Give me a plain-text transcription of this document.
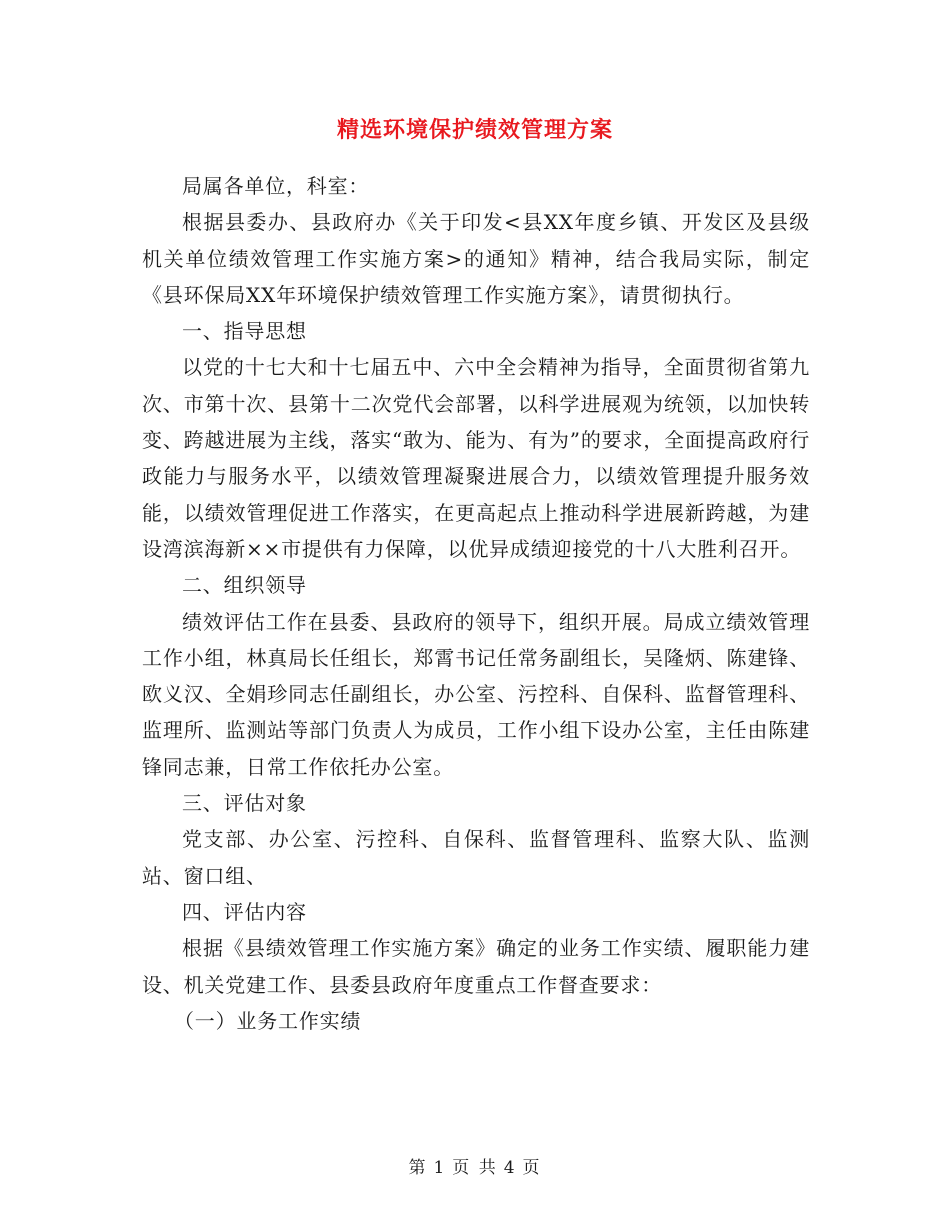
精选环境保护绩效管理方案

局属各单位，科室：

根据县委办、县政府办《关于印发<县XX年度乡镇、开发区及县级机关单位绩效管理工作实施方案>的通知》精神，结合我局实际，制定《县环保局XX年环境保护绩效管理工作实施方案》，请贯彻执行。

一、指导思想

以党的十七大和十七届五中、六中全会精神为指导，全面贯彻省第九次、市第十次、县第十二次党代会部署，以科学进展观为统领，以加快转变、跨越进展为主线，落实“敢为、能为、有为”的要求，全面提高政府行政能力与服务水平，以绩效管理凝聚进展合力，以绩效管理提升服务效能，以绩效管理促进工作落实，在更高起点上推动科学进展新跨越，为建设湾滨海新××市提供有力保障，以优异成绩迎接党的十八大胜利召开。

二、组织领导

绩效评估工作在县委、县政府的领导下，组织开展。局成立绩效管理工作小组，林真局长任组长，郑霄书记任常务副组长，吴隆炳、陈建锋、欧义汉、全娟珍同志任副组长，办公室、污控科、自保科、监督管理科、监理所、监测站等部门负责人为成员，工作小组下设办公室，主任由陈建锋同志兼，日常工作依托办公室。

三、评估对象

党支部、办公室、污控科、自保科、监督管理科、监察大队、监测站、窗口组、

四、评估内容

根据《县绩效管理工作实施方案》确定的业务工作实绩、履职能力建设、机关党建工作、县委县政府年度重点工作督查要求：

（一）业务工作实绩

第 1 页 共 4 页
